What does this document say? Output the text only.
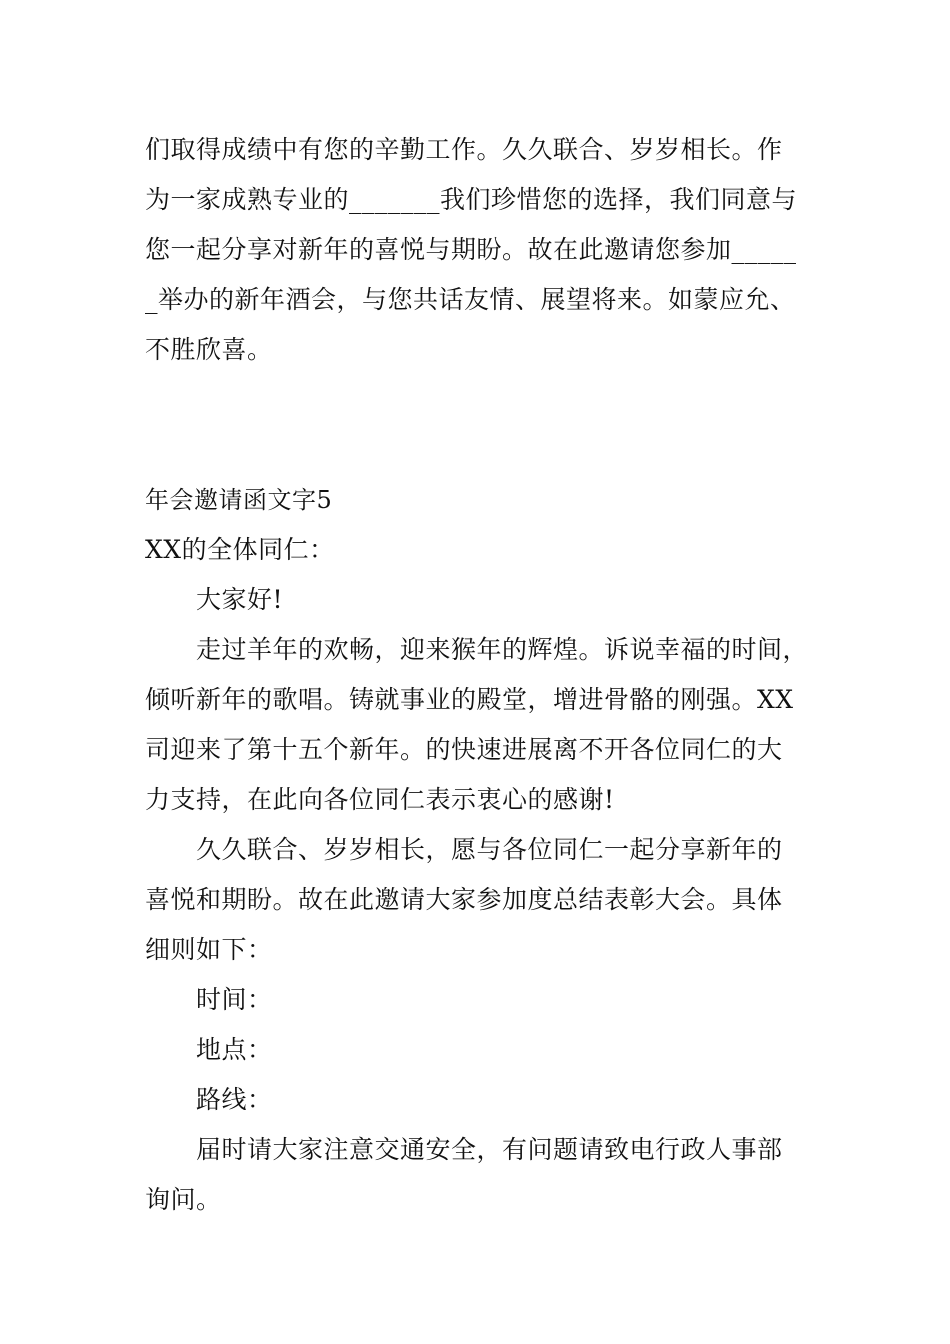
们取得成绩中有您的辛勤工作。久久联合、岁岁相长。作
为一家成熟专业的_______我们珍惜您的选择，我们同意与
您一起分享对新年的喜悦与期盼。故在此邀请您参加_____
_举办的新年酒会，与您共话友情、展望将来。如蒙应允、
不胜欣喜。
年会邀请函文字5
XX的全体同仁：
大家好!
走过羊年的欢畅，迎来猴年的辉煌。诉说幸福的时间，
倾听新年的歌唱。铸就事业的殿堂，增进骨骼的刚强。XX
司迎来了第十五个新年。的快速进展离不开各位同仁的大
力支持，在此向各位同仁表示衷心的感谢!
久久联合、岁岁相长，愿与各位同仁一起分享新年的
喜悦和期盼。故在此邀请大家参加度总结表彰大会。具体
细则如下：
时间：
地点：
路线：
届时请大家注意交通安全，有问题请致电行政人事部
询问。
